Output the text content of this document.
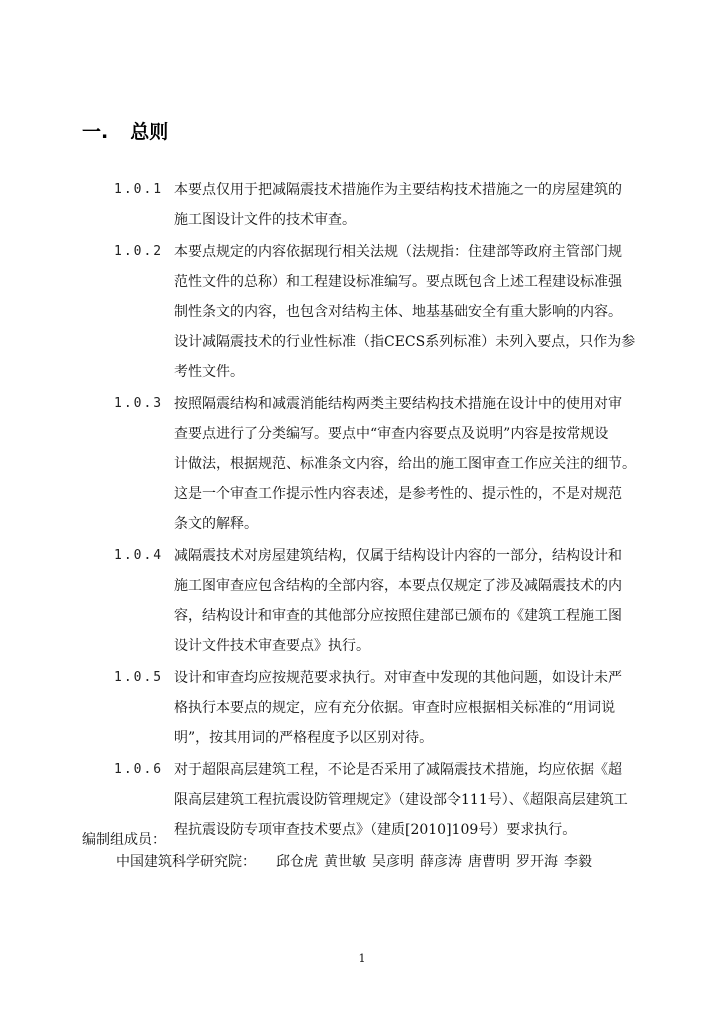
一. 总则
1.0.1 本要点仅用于把减隔震技术措施作为主要结构技术措施之一的房屋建筑的
施工图设计文件的技术审查。
1.0.2 本要点规定的内容依据现行相关法规（法规指：住建部等政府主管部门规
范性文件的总称）和工程建设标准编写。要点既包含上述工程建设标准强
制性条文的内容，也包含对结构主体、地基基础安全有重大影响的内容。
设计减隔震技术的行业性标准（指CECS系列标准）未列入要点，只作为参
考性文件。
1.0.3 按照隔震结构和减震消能结构两类主要结构技术措施在设计中的使用对审
查要点进行了分类编写。要点中“审查内容要点及说明”内容是按常规设
计做法，根据规范、标准条文内容，给出的施工图审查工作应关注的细节。
这是一个审查工作提示性内容表述，是参考性的、提示性的，不是对规范
条文的解释。
1.0.4 减隔震技术对房屋建筑结构，仅属于结构设计内容的一部分，结构设计和
施工图审查应包含结构的全部内容，本要点仅规定了涉及减隔震技术的内
容，结构设计和审查的其他部分应按照住建部已颁布的《建筑工程施工图
设计文件技术审查要点》执行。
1.0.5 设计和审查均应按规范要求执行。对审查中发现的其他问题，如设计未严
格执行本要点的规定，应有充分依据。审查时应根据相关标准的“用词说
明”，按其用词的严格程度予以区别对待。
1.0.6 对于超限高层建筑工程，不论是否采用了减隔震技术措施，均应依据《超
限高层建筑工程抗震设防管理规定》（建设部令111号）、《超限高层建筑工
程抗震设防专项审查技术要点》（建质[2010]109号）要求执行。
编制组成员：
中国建筑科学研究院： 邱仓虎 黄世敏 吴彦明 薛彦涛 唐曹明 罗开海 李毅
1
